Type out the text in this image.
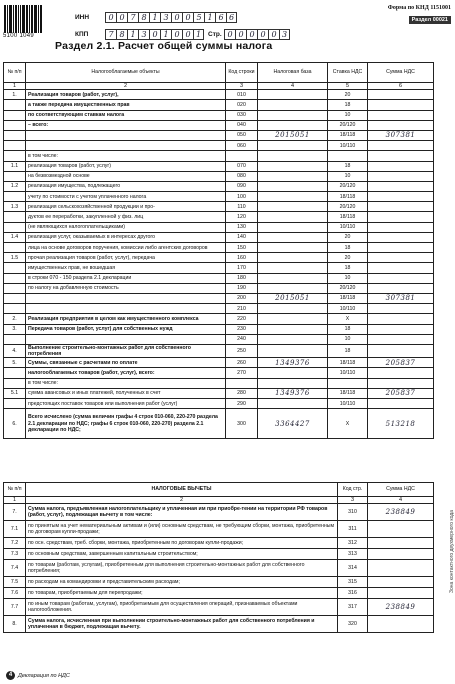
5100 1049
ИНН	0 0 7 8 1 3 0 0 5 1 6 6
КПП	7 8 1 3 0 1 0 0 1	Стр. 0 0 0 0 0 3
Форма по КНД 1151001
Раздел 00021
Раздел 2.1. Расчет общей суммы налога
№ п/п	Налогооблагаемые объекты	Код строки	Налоговая база	Ставка НДС	Сумма НДС
1	2	3	4	5	6
1.	Реализация товаров (работ, услуг),	010		20	
	а также передача имущественных прав	020		18	
	по соответствующим ставкам налога	030		10	
	– всего:	040		20/120	
		050	2015051	18/118	307381
		060		10/110	
	в том числе:				
1.1	реализация товаров (работ, услуг)	070		18	
	на безвозмездной основе	080		10	
1.2	реализация имущества, подлежащего	090		20/120	
	учету по стоимости с учетом уплаченного налога	100		18/118	
1.3	реализация сельскохозяйственной продукции и про-	110		20/120	
	дуктов ее переработки, закупленной у физ. лиц	120		18/118	
	(не являющихся налогоплательщиками)	130		10/110	
1.4	реализация услуг, оказываемых в интересах другого	140		20	
	лица на основе договоров поручения, комиссии либо агентских договоров	150		18	
1.5	прочая реализация товаров (работ, услуг), передача	160		20	
	имущественных прав, не вошедшая	170		18	
	в строки 070 - 150 раздела 2.1 декларации	180		10	
	по налогу на добавленную стоимость	190		20/120	
		200	2015051	18/118	307381
		210		10/110	
2.	Реализация предприятия в целом как имущественного комплекса	220		Х	
3.	Передача товаров (работ, услуг) для собственных нужд	230		18	
		240		10	
4.	Выполнение строительно-монтажных работ для собственного потребления	250		18	
5.	Суммы, связанные с расчетами по оплате	260	1349376	18/118	205837
	налогооблагаемых товаров (работ, услуг), всего:	270		10/110	
	в том числе:				
5.1	сумма авансовых и иных платежей, полученных в счет	280	1349376	18/118	205837
	предстоящих поставок товаров или выполнения работ (услуг)	290		10/110	
6.	Всего исчислено (сумма величин графы 4 строк 010-060, 220-270 раздела 2.1 декларации по НДС; графы 6 строк 010-060, 220-270) раздела 2.1 декларации по НДС;	300	3364427	Х	513218
№ п/п	НАЛОГОВЫЕ ВЫЧЕТЫ	Код стр.	Сумма НДС
1	2	3	4
7.	Сумма налога, предъявленная налогоплательщику и уплаченная им при приобре-тении на территории РФ товаров (работ, услуг), подлежащая вычету в том числе:	310	238849
7.1	по принятым на учет нематериальным активам и (или) основным средствам, не требующим сборки, монтажа, приобретенным по договорам купли-продажи;	311	
7.2	по осн. средствам, треб. сборки, монтажа, приобретенным по договорам купли-продажи;	312	
7.3	по основным средствам, завершенным капитальным строительством;	313	
7.4	по товарам (работам, услугам), приобретенным для выполнения строительно-монтажных работ для собственного потребления;	314	
7.5	по расходам на командировки и представительским расходам;	315	
7.6	по товарам, приобретаемым для перепродажи;	316	
7.7	по иным товарам (работам, услугам), приобретаемым для осуществления операций, признаваемых объектами налогообложения.	317	238849
8.	Сумма налога, исчисленная при выполнении строительно-монтажных работ для собственного потребления и уплаченная в бюджет, подлежащая вычету.	320	
Зона контактного двухмерного кода
4	Декларация по НДС
